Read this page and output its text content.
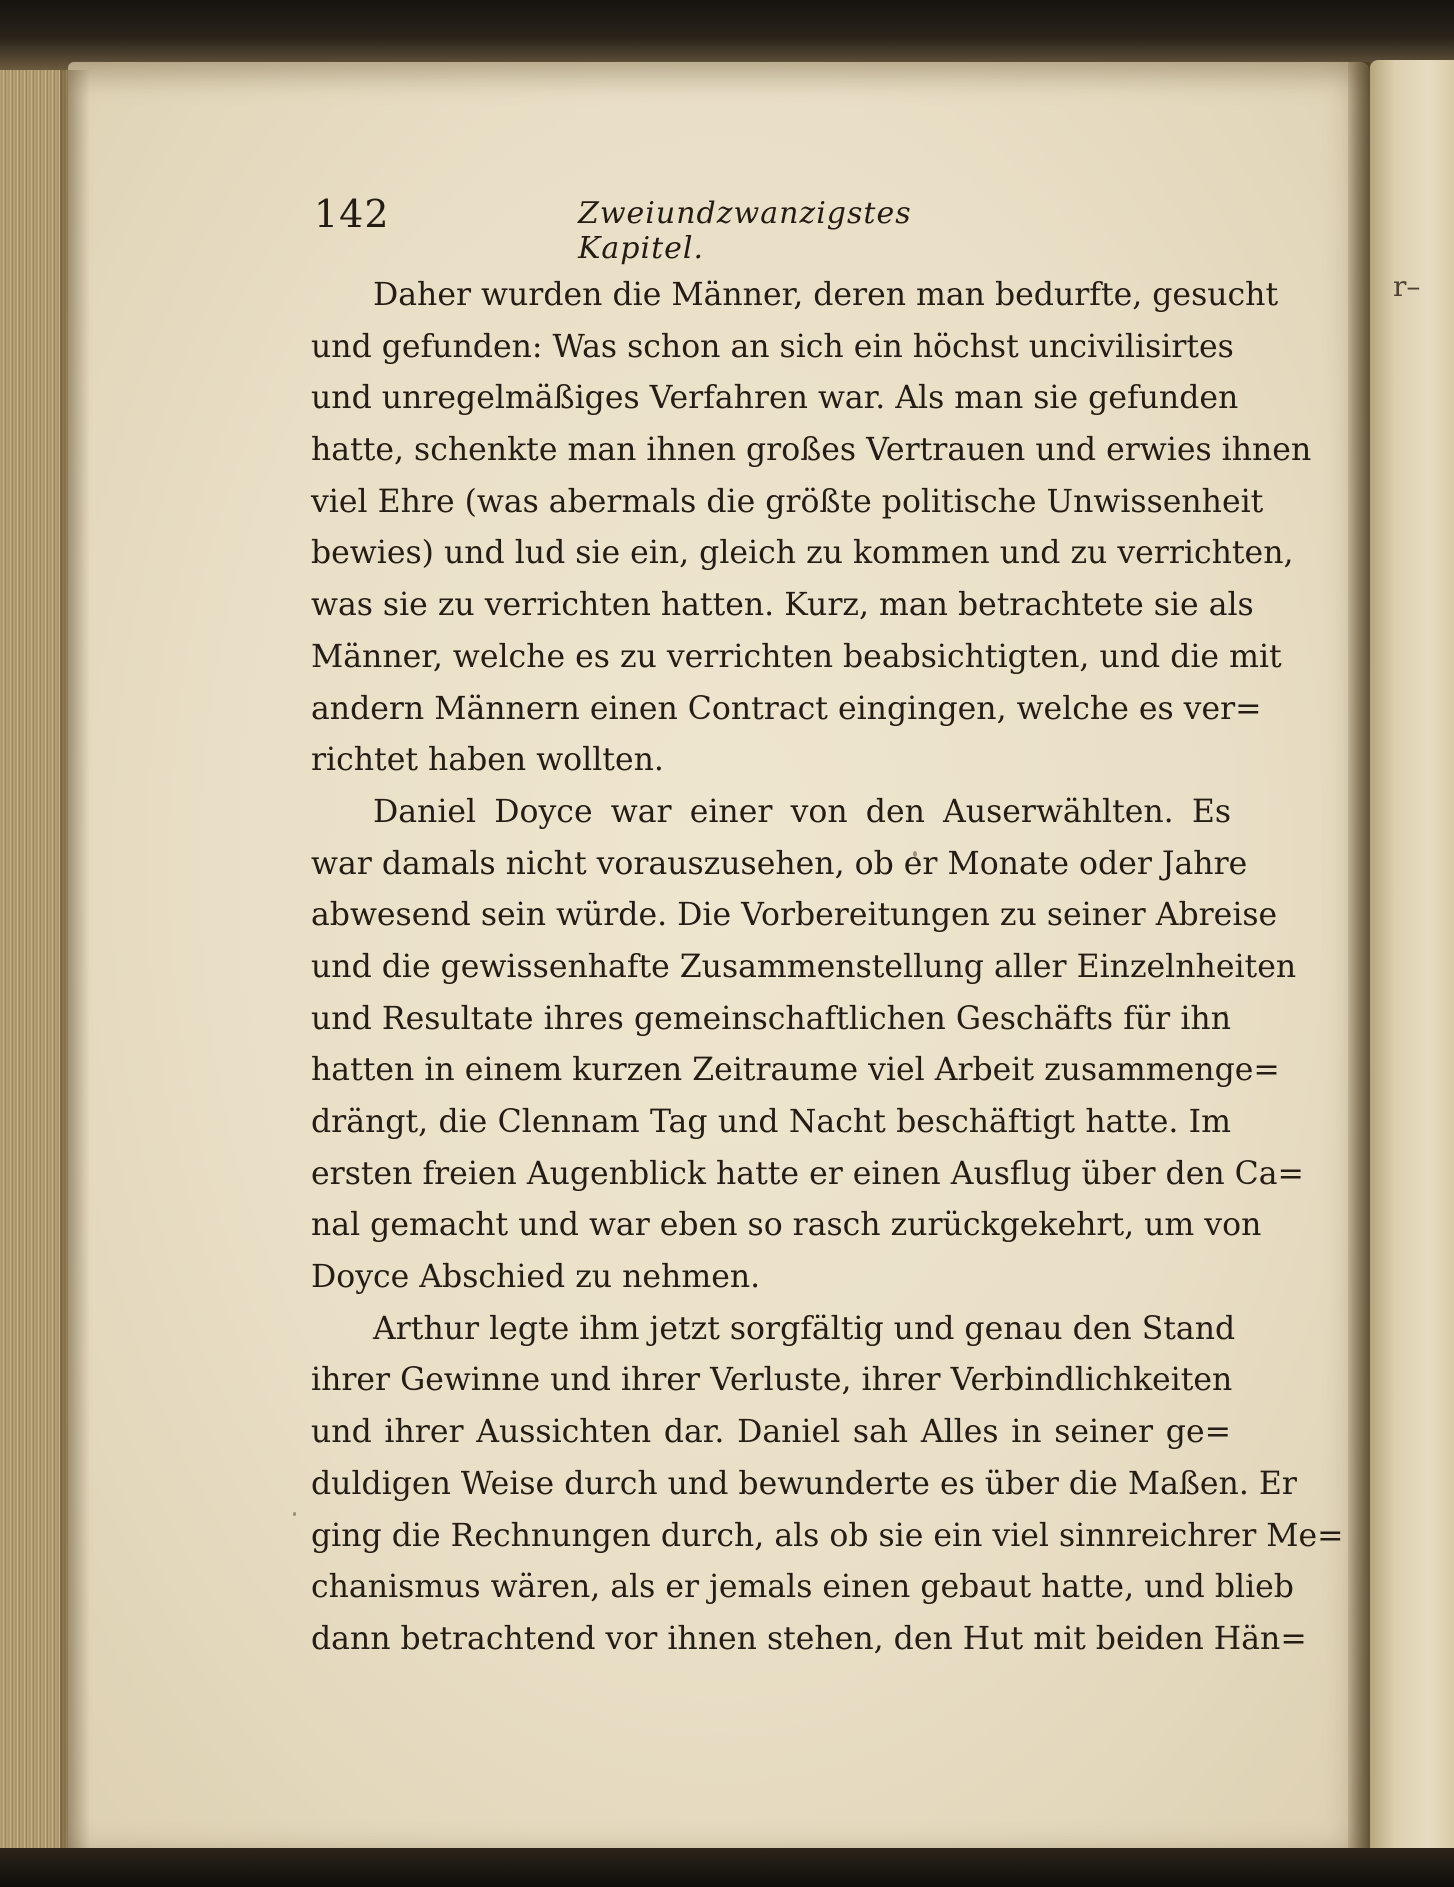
r–
142	Zweiundzwanzigstes Kapitel.
Daher wurden die Männer, deren man bedurfte, gesucht
und gefunden: Was schon an sich ein höchst uncivilisirtes
und unregelmäßiges Verfahren war. Als man sie gefunden
hatte, schenkte man ihnen großes Vertrauen und erwies ihnen
viel Ehre (was abermals die größte politische Unwissenheit
bewies) und lud sie ein, gleich zu kommen und zu verrichten,
was sie zu verrichten hatten. Kurz, man betrachtete sie als
Männer, welche es zu verrichten beabsichtigten, und die mit
andern Männern einen Contract eingingen, welche es ver=
richtet haben wollten.
Daniel Doyce war einer von den Auserwählten. Es
war damals nicht vorauszusehen, ob er Monate oder Jahre
abwesend sein würde. Die Vorbereitungen zu seiner Abreise
und die gewissenhafte Zusammenstellung aller Einzelnheiten
und Resultate ihres gemeinschaftlichen Geschäfts für ihn
hatten in einem kurzen Zeitraume viel Arbeit zusammenge=
drängt, die Clennam Tag und Nacht beschäftigt hatte. Im
ersten freien Augenblick hatte er einen Ausflug über den Ca=
nal gemacht und war eben so rasch zurückgekehrt, um von
Doyce Abschied zu nehmen.
Arthur legte ihm jetzt sorgfältig und genau den Stand
ihrer Gewinne und ihrer Verluste, ihrer Verbindlichkeiten
und ihrer Aussichten dar. Daniel sah Alles in seiner ge=
duldigen Weise durch und bewunderte es über die Maßen. Er
ging die Rechnungen durch, als ob sie ein viel sinnreichrer Me=
chanismus wären, als er jemals einen gebaut hatte, und blieb
dann betrachtend vor ihnen stehen, den Hut mit beiden Hän=
